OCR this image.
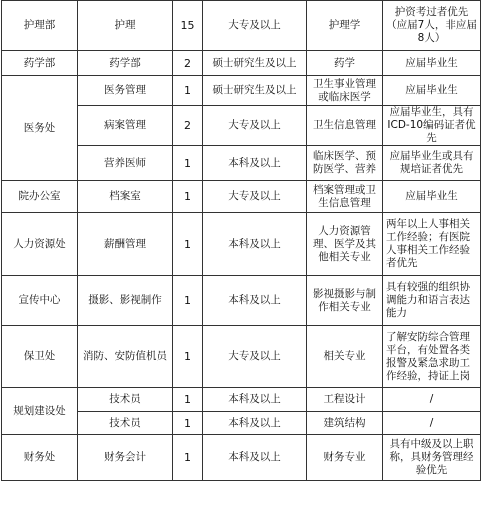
护理部	护理	15	大专及以上	护理学	护资考过者优先（应届7人，非应届8人）
药学部	药学部	2	硕士研究生及以上	药学	应届毕业生
医务处	医务管理	1	硕士研究生及以上	卫生事业管理或临床医学	应届毕业生
	病案管理	2	大专及以上	卫生信息管理	应届毕业生，具有ICD-10编码证者优先
	营养医师	1	本科及以上	临床医学、预防医学、营养	应届毕业生或具有规培证者优先
院办公室	档案室	1	大专及以上	档案管理或卫生信息管理	应届毕业生
人力资源处	薪酬管理	1	本科及以上	人力资源管理、医学及其他相关专业	两年以上人事相关工作经验；有医院人事相关工作经验者优先
宣传中心	摄影、影视制作	1	本科及以上	影视摄影与制作相关专业	具有较强的组织协调能力和语言表达能力
保卫处	消防、安防值机员	1	大专及以上	相关专业	了解安防综合管理平台，有处置各类报警及紧急求助工作经验，持证上岗
规划建设处	技术员	1	本科及以上	工程设计	/
	技术员	1	本科及以上	建筑结构	/
财务处	财务会计	1	本科及以上	财务专业	具有中级及以上职称，具财务管理经验优先
